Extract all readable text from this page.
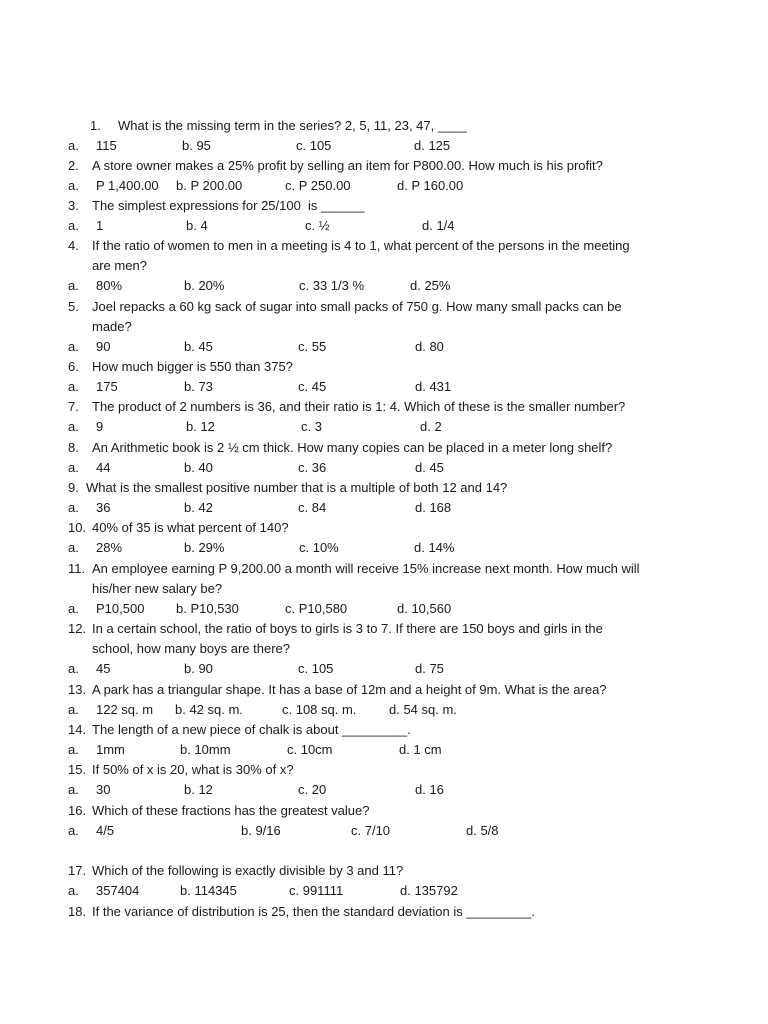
1. What is the missing term in the series? 2, 5, 11, 23, 47, ____
a. 115	b. 95	c. 105	d. 125
2. A store owner makes a 25% profit by selling an item for P800.00. How much is his profit?
a. P 1,400.00 b. P 200.00	c. P 250.00	d. P 160.00
3. The simplest expressions for 25/100  is ______
a. 1	b. 4	c. ½	d. 1/4
4. If the ratio of women to men in a meeting is 4 to 1, what percent of the persons in the meeting
are men?
a. 80%	b. 20%	c. 33 1/3 %	d. 25%
5. Joel repacks a 60 kg sack of sugar into small packs of 750 g. How many small packs can be
made?
a. 90	b. 45	c. 55	d. 80
6. How much bigger is 550 than 375?
a. 175	b. 73	c. 45	d. 431
7. The product of 2 numbers is 36, and their ratio is 1: 4. Which of these is the smaller number?
a. 9	b. 12	c. 3	d. 2
8. An Arithmetic book is 2 ½ cm thick. How many copies can be placed in a meter long shelf?
a. 44	b. 40	c. 36	d. 45
9. What is the smallest positive number that is a multiple of both 12 and 14?
a. 36	b. 42	c. 84	d. 168
10. 40% of 35 is what percent of 140?
a. 28%	b. 29%	c. 10%	d. 14%
11. An employee earning P 9,200.00 a month will receive 15% increase next month. How much will
his/her new salary be?
a. P10,500 b. P10,530	c. P10,580	d. 10,560
12. In a certain school, the ratio of boys to girls is 3 to 7. If there are 150 boys and girls in the
school, how many boys are there?
a. 45	b. 90	c. 105	d. 75
13. A park has a triangular shape. It has a base of 12m and a height of 9m. What is the area?
a. 122 sq. m b. 42 sq. m.	c. 108 sq. m.	d. 54 sq. m.
14. The length of a new piece of chalk is about _________.
a. 1mm	b. 10mm	c. 10cm	d. 1 cm
15. If 50% of x is 20, what is 30% of x?
a. 30	b. 12	c. 20	d. 16
16. Which of these fractions has the greatest value?
a. 4/5	b. 9/16	c. 7/10	d. 5/8
17. Which of the following is exactly divisible by 3 and 11?
a. 357404	b. 114345	c. 991111	d. 135792
18. If the variance of distribution is 25, then the standard deviation is _________.
